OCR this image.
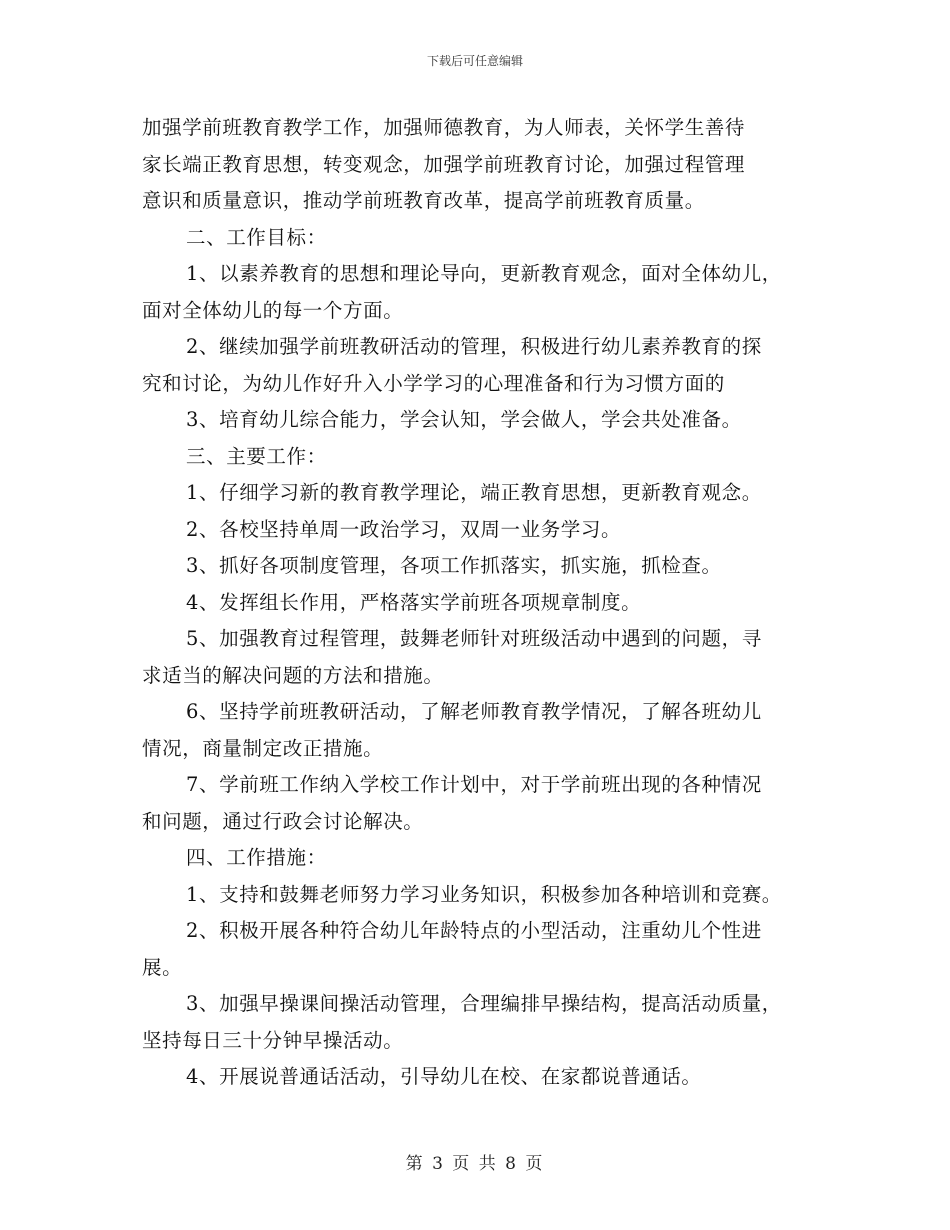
下载后可任意编辑
加强学前班教育教学工作，加强师德教育，为人师表，关怀学生善待
家长端正教育思想，转变观念，加强学前班教育讨论，加强过程管理
意识和质量意识，推动学前班教育改革，提高学前班教育质量。
二、工作目标：
1、以素养教育的思想和理论导向，更新教育观念，面对全体幼儿，
面对全体幼儿的每一个方面。
2、继续加强学前班教研活动的管理，积极进行幼儿素养教育的探
究和讨论，为幼儿作好升入小学学习的心理准备和行为习惯方面的
3、培育幼儿综合能力，学会认知，学会做人，学会共处准备。
三、主要工作：
1、仔细学习新的教育教学理论，端正教育思想，更新教育观念。
2、各校坚持单周一政治学习，双周一业务学习。
3、抓好各项制度管理，各项工作抓落实，抓实施，抓检查。
4、发挥组长作用，严格落实学前班各项规章制度。
5、加强教育过程管理，鼓舞老师针对班级活动中遇到的问题，寻
求适当的解决问题的方法和措施。
6、坚持学前班教研活动，了解老师教育教学情况，了解各班幼儿
情况，商量制定改正措施。
7、学前班工作纳入学校工作计划中，对于学前班出现的各种情况
和问题，通过行政会讨论解决。
四、工作措施：
1、支持和鼓舞老师努力学习业务知识，积极参加各种培训和竞赛。
2、积极开展各种符合幼儿年龄特点的小型活动，注重幼儿个性进
展。
3、加强早操课间操活动管理，合理编排早操结构，提高活动质量，
坚持每日三十分钟早操活动。
4、开展说普通话活动，引导幼儿在校、在家都说普通话。
第 3 页 共 8 页
